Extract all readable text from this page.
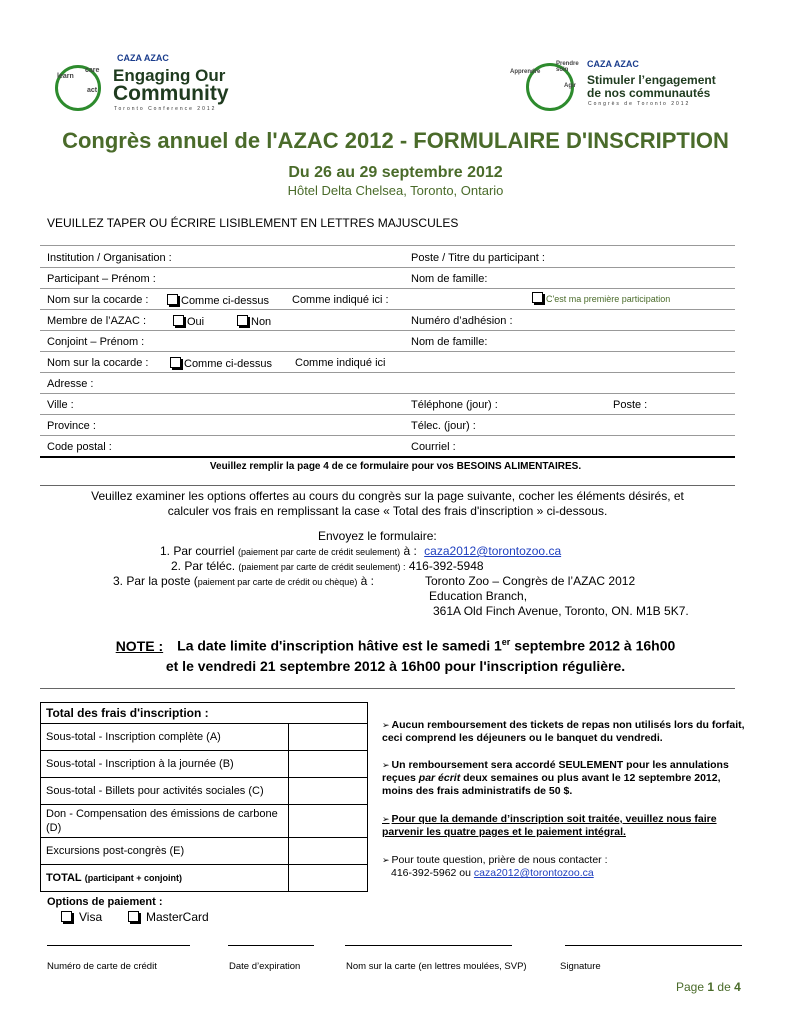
learn
care
act
CAZA AZAC
Engaging Our
Community
Toronto Conference 2012
Apprendre
Prendre soin
Agir
CAZA AZAC
Stimuler l’engagement
de nos communautés
Congrès de Toronto 2012
Congrès annuel de l'AZAC 2012 - FORMULAIRE D'INSCRIPTION
Du 26 au 29 septembre 2012
Hôtel Delta Chelsea, Toronto, Ontario
VEUILLEZ TAPER OU ÉCRIRE LISIBLEMENT EN LETTRES MAJUSCULES
Institution / Organisation :	Poste / Titre du participant :
Participant – Prénom :	Nom de famille:
Nom sur la cocarde :	Comme ci-dessus Comme indiqué ici :	C'est ma première participation
Membre de l’AZAC :	Oui	Non	Numéro d’adhésion :
Conjoint – Prénom :	Nom de famille:
Nom sur la cocarde :	Comme ci-dessus Comme indiqué ici
Adresse :
Ville :	Téléphone (jour) :	Poste :
Province :	Télec. (jour) :
Code postal :	Courriel :
Veuillez remplir la page 4 de ce formulaire pour vos BESOINS ALIMENTAIRES.
Veuillez examiner les options offertes au cours du congrès sur la page suivante, cocher les éléments désirés, et
calculer vos frais en remplissant la case « Total des frais d'inscription » ci-dessous.
Envoyez le formulaire:
1. Par courriel (paiement par carte de crédit seulement) à : caza2012@torontozoo.ca
2. Par téléc. (paiement par carte de crédit seulement) : 416-392-5948
3. Par la poste (paiement par carte de crédit ou chèque) à :	Toronto Zoo – Congrès de l’AZAC 2012
Education Branch,
361A Old Finch Avenue, Toronto, ON. M1B 5K7.
NOTE : La date limite d'inscription hâtive est le samedi 1er septembre 2012 à 16h00
et le vendredi 21 septembre 2012 à 16h00 pour l'inscription régulière.
Total des frais d'inscription :	
Sous-total - Inscription complète (A)	
Sous-total - Inscription à la journée (B)	
Sous-total - Billets pour activités sociales (C)	
Don - Compensation des émissions de carbone (D)	
Excursions post-congrès (E)	
TOTAL (participant + conjoint)	
➢ Aucun remboursement des tickets de repas non utilisés lors du forfait, ceci comprend les déjeuners ou le banquet du vendredi.
➢ Un remboursement sera accordé SEULEMENT pour les annulations reçues par écrit deux semaines ou plus avant le 12 septembre 2012, moins des frais administratifs de 50 $.
➢ Pour que la demande d’inscription soit traitée, veuillez nous faire parvenir les quatre pages et le paiement intégral.
➢ Pour toute question, prière de nous contacter :
416-392-5962 ou caza2012@torontozoo.ca
Options de paiement :
Visa	MasterCard
Numéro de carte de crédit	Date d’expiration	Nom sur la carte (en lettres moulées, SVP)	Signature
Page 1 de 4
